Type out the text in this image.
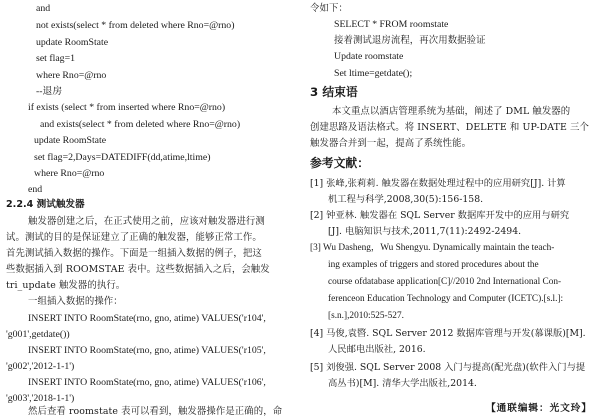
and
not exists(select * from deleted where Rno=@rno)
update RoomState
set flag=1
where Rno=@rno
--退房
if exists (select * from inserted where Rno=@rno)
and exists(select * from deleted where Rno=@rno)
update RoomState
set flag=2,Days=DATEDIFF(dd,atime,ltime)
where Rno=@rno
end
2.2.4 测试触发器
触发器创建之后，在正式使用之前，应该对触发器进行测
试。测试的目的是保证建立了正确的触发器，能够正常工作。
首先测试插入数据的操作。下面是一组插入数据的例子，把这
些数据插入到 ROOMSTAE 表中。这些数据插入之后，会触发
tri_update 触发器的执行。
一组插入数据的操作：
INSERT INTO RoomState(rno, gno, atime) VALUES('r104',
'g001',getdate())
INSERT INTO RoomState(rno, gno, atime) VALUES('r105',
'g002','2012-1-1')
INSERT INTO RoomState(rno, gno, atime) VALUES('r106',
'g003','2018-1-1')
然后查看 roomstate 表可以看到，触发器操作是正确的，命
令如下：
SELECT * FROM roomstate
接着测试退房流程，再次用数据验证
Update roomstate
Set ltime=getdate();
3 结束语
本文重点以酒店管理系统为基础，阐述了 DML 触发器的
创建思路及语法格式。将 INSERT、DELETE 和 UP-DATE 三个
触发器合并到一起，提高了系统性能。
参考文献：
[1] 张峰,张莉莉. 触发器在数据处理过程中的应用研究[J]. 计算
机工程与科学,2008,30(5):156-158.
[2] 钟亚林. 触发器在 SQL Server 数据库开发中的应用与研究
[J]. 电脑知识与技术,2011,7(11):2492-2494.
[3] Wu Dasheng，Wu Shengyu. Dynamically maintain the teach-
ing examples of triggers and stored procedures about the
course ofdatabase application[C]//2010 2nd International Con-
ferenceon Education Technology and Computer (ICETC).[s.l.]:
[s.n.],2010:525-527.
[4] 马俊,袁暋. SQL Server 2012 数据库管理与开发(慕课版)[M].
人民邮电出版社, 2016.
[5] 刘俊强. SQL Server 2008 入门与提高(配光盘)(软件入门与提
高丛书)[M]. 清华大学出版社,2014.
【通联编辑：光文玲】
